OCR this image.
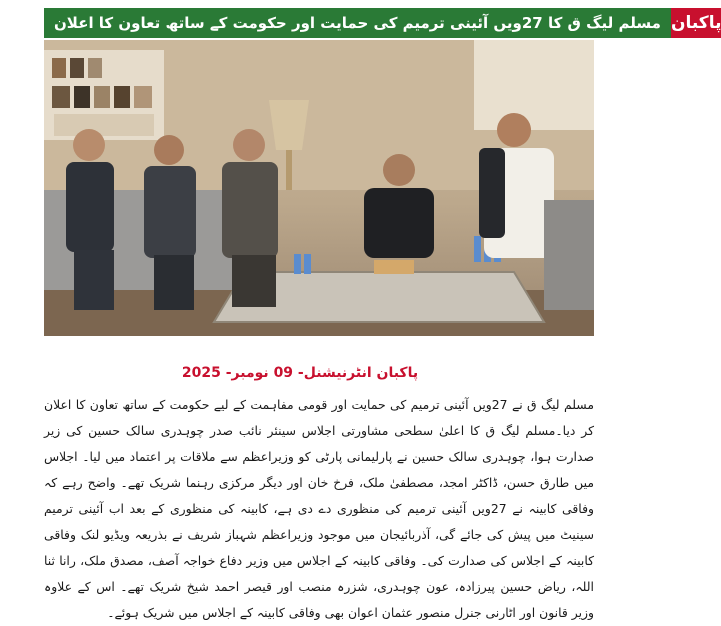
مسلم لیگ ق کا 27ویں آئینی ترمیم کی حمایت اور حکومت کے ساتھ تعاون کا اعلان پاکبان
پاکبان انٹرنیشنل- 09 نومبر- 2025

مسلم لیگ ق نے 27ویں آئینی ترمیم کی حمایت اور قومی مفاہمت کے لیے حکومت کے ساتھ تعاون کا اعلان کر دیا۔مسلم لیگ ق کا اعلیٰ سطحی مشاورتی اجلاس سینئر نائب صدر چوہدری سالک حسین کی زیر صدارت ہوا، چوہدری سالک حسین نے پارلیمانی پارٹی کو وزیراعظم سے ملاقات پر اعتماد میں لیا۔ اجلاس میں طارق حسن، ڈاکٹر امجد، مصطفیٰ ملک، فرخ خان اور دیگر مرکزی رہنما شریک تھے۔ واضح رہے کہ وفاقی کابینہ نے 27ویں آئینی ترمیم کی منظوری دے دی ہے، کابینہ کی منظوری کے بعد اب آئینی ترمیم سینیٹ میں پیش کی جائے گی، آذربائیجان میں موجود وزیراعظم شہباز شریف نے بذریعہ ویڈیو لنک وفاقی کابینہ کے اجلاس کی صدارت کی۔ وفاقی کابینہ کے اجلاس میں وزیر دفاع خواجہ آصف، مصدق ملک، رانا ثنا اللہ، ریاض حسین پیرزادہ، عون چوہدری، شزرہ منصب اور قیصر احمد شیخ شریک تھے۔ اس کے علاوہ وزیر قانون اور اٹارنی جنرل منصور عثمان اعوان بھی وفاقی کابینہ کے اجلاس میں شریک ہوئے۔
